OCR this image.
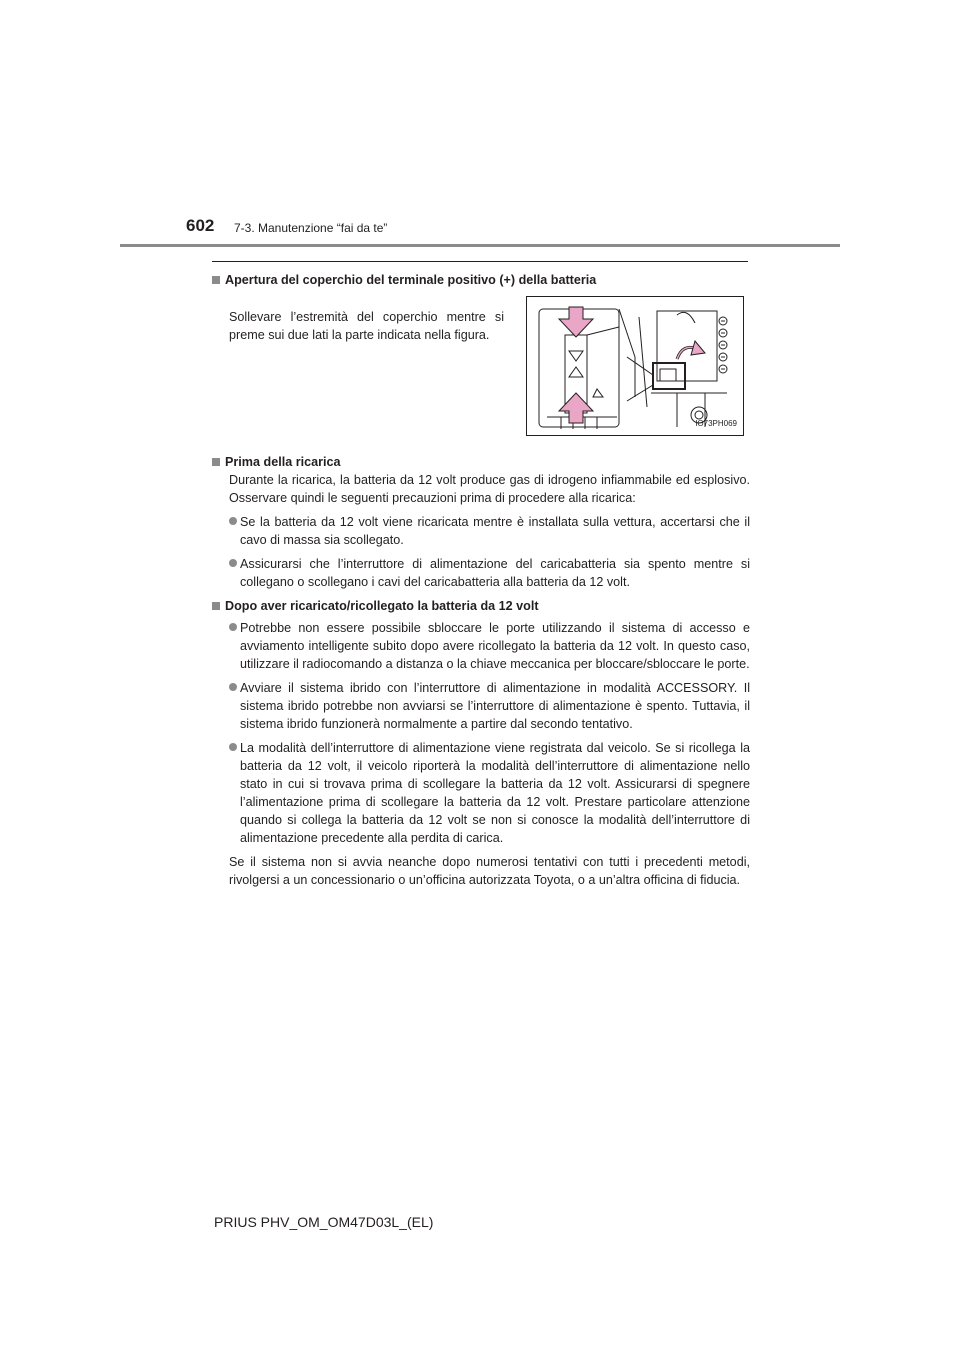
602 7-3. Manutenzione “fai da te”

Apertura del coperchio del terminale positivo (+) della batteria

Sollevare l’estremità del coperchio mentre si preme sui due lati la parte indicata nella figura.

IO73PH069

Prima della ricarica

Durante la ricarica, la batteria da 12 volt produce gas di idrogeno infiammabile ed esplosivo. Osservare quindi le seguenti precauzioni prima di procedere alla ricarica:

Se la batteria da 12 volt viene ricaricata mentre è installata sulla vettura, accertarsi che il cavo di massa sia scollegato.
Assicurarsi che l’interruttore di alimentazione del caricabatteria sia spento mentre si collegano o scollegano i cavi del caricabatteria alla batteria da 12 volt.

Dopo aver ricaricato/ricollegato la batteria da 12 volt

Potrebbe non essere possibile sbloccare le porte utilizzando il sistema di accesso e avviamento intelligente subito dopo avere ricollegato la batteria da 12 volt. In questo caso, utilizzare il radiocomando a distanza o la chiave meccanica per bloccare/sbloccare le porte.
Avviare il sistema ibrido con l’interruttore di alimentazione in modalità ACCESSORY. Il sistema ibrido potrebbe non avviarsi se l’interruttore di alimentazione è spento. Tuttavia, il sistema ibrido funzionerà normalmente a partire dal secondo tentativo.
La modalità dell’interruttore di alimentazione viene registrata dal veicolo. Se si ricollega la batteria da 12 volt, il veicolo riporterà la modalità dell’interruttore di alimentazione nello stato in cui si trovava prima di scollegare la batteria da 12 volt. Assicurarsi di spegnere l’alimentazione prima di scollegare la batteria da 12 volt. Prestare particolare attenzione quando si collega la batteria da 12 volt se non si conosce la modalità dell’interruttore di alimentazione precedente alla perdita di carica.

Se il sistema non si avvia neanche dopo numerosi tentativi con tutti i precedenti metodi, rivolgersi a un concessionario o un’officina autorizzata Toyota, o a un’altra officina di fiducia.

PRIUS PHV_OM_OM47D03L_(EL)
